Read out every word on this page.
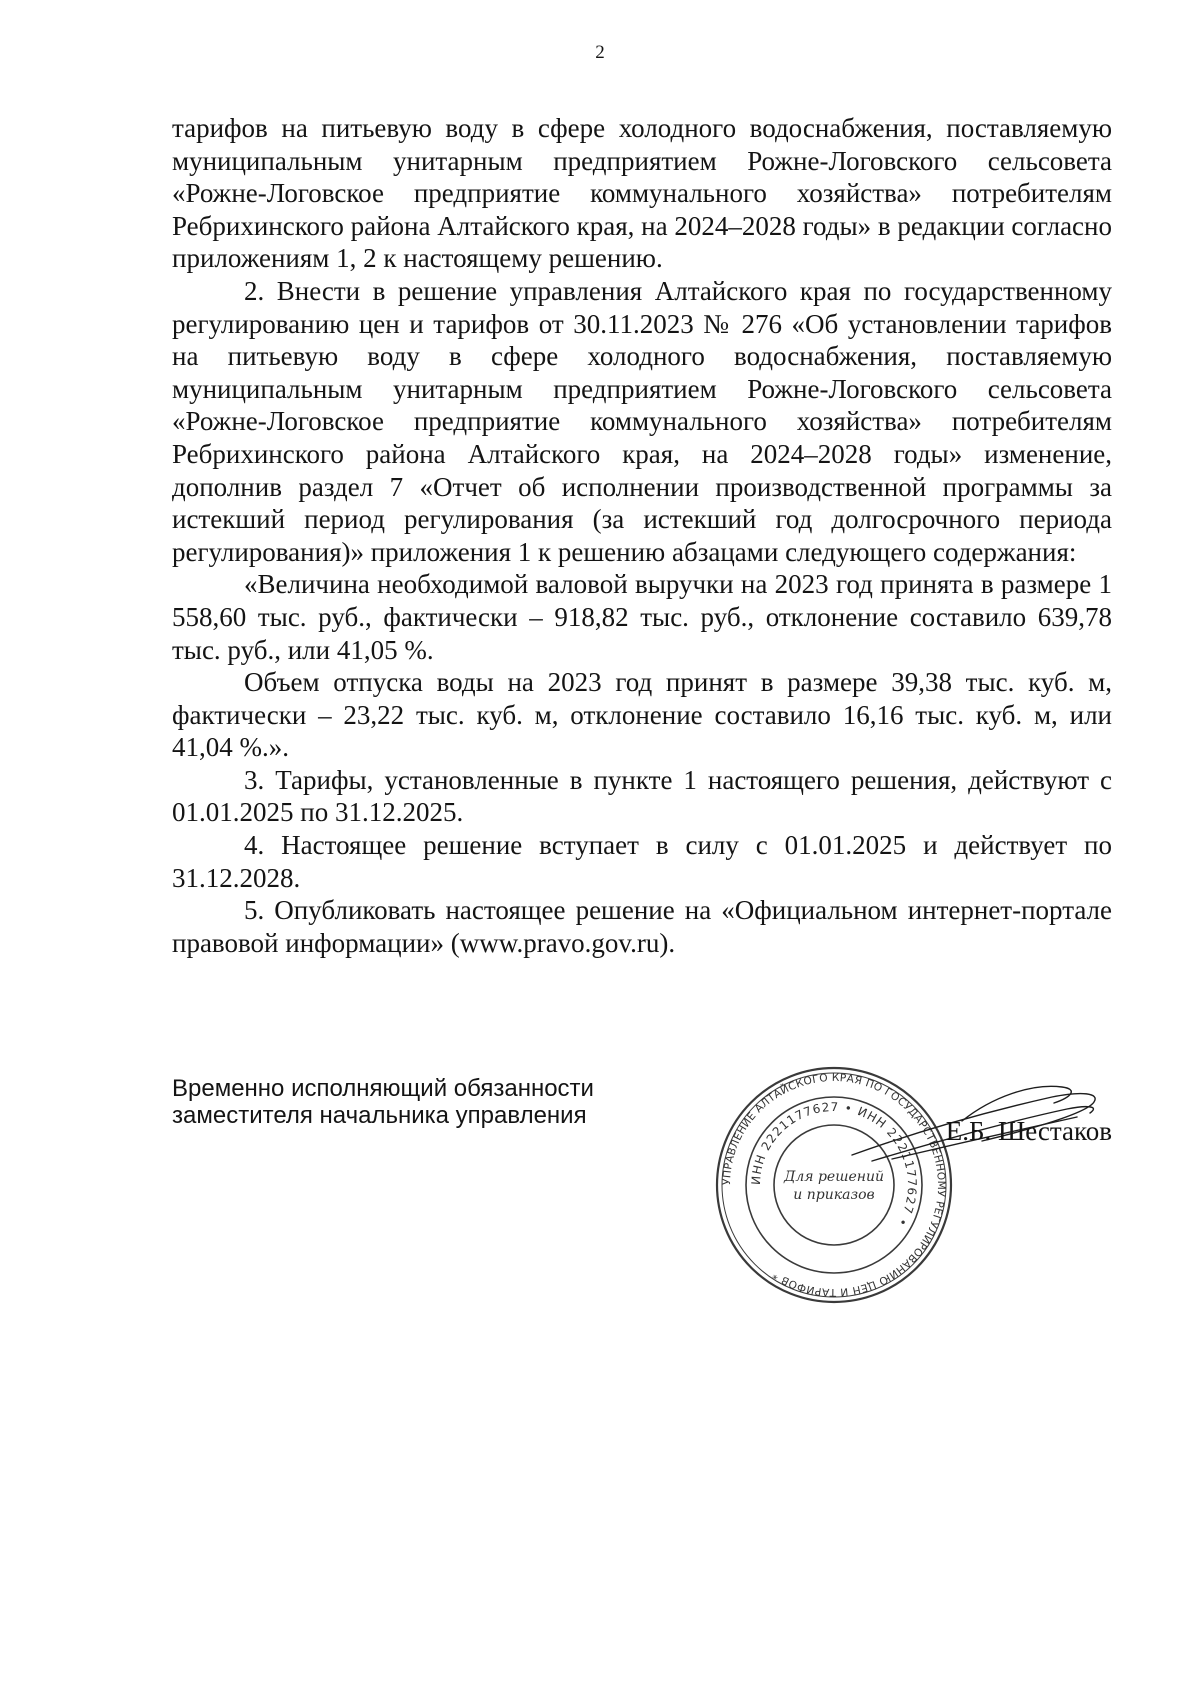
2

тарифов на питьевую воду в сфере холодного водоснабжения, поставляемую муниципальным унитарным предприятием Рожне-Логовского сельсовета «Рожне-Логовское предприятие коммунального хозяйства» потребителям Ребрихинского района Алтайского края, на 2024–2028 годы» в редакции согласно приложениям 1, 2 к настоящему решению.

2. Внести в решение управления Алтайского края по государственному регулированию цен и тарифов от 30.11.2023 № 276 «Об установлении тарифов на питьевую воду в сфере холодного водоснабжения, поставляемую муниципальным унитарным предприятием Рожне-Логовского сельсовета «Рожне-Логовское предприятие коммунального хозяйства» потребителям Ребрихинского района Алтайского края, на 2024–2028 годы» изменение, дополнив раздел 7 «Отчет об исполнении производственной программы за истекший период регулирования (за истекший год долгосрочного периода регулирования)» приложения 1 к решению абзацами следующего содержания:

«Величина необходимой валовой выручки на 2023 год принята в размере 1 558,60 тыс. руб., фактически – 918,82 тыс. руб., отклонение составило 639,78 тыс. руб., или 41,05 %.

Объем отпуска воды на 2023 год принят в размере 39,38 тыс. куб. м, фактически – 23,22 тыс. куб. м, отклонение составило 16,16 тыс. куб. м, или 41,04 %.».

3. Тарифы, установленные в пункте 1 настоящего решения, действуют с 01.01.2025 по 31.12.2025.

4. Настоящее решение вступает в силу с 01.01.2025 и действует по 31.12.2028.

5. Опубликовать настоящее решение на «Официальном интернет-портале правовой информации» (www.pravo.gov.ru).

Временно исполняющий обязанности
заместителя начальника управления
УПРАВЛЕНИЕ АЛТАЙСКОГО КРАЯ ПО ГОСУДАРСТВЕННОМУ РЕГУЛИРОВАНИЮ ЦЕН И ТАРИФОВ *
ИНН 2221177627 • ИНН 2221177627 •
Для решений
и приказов
Е.Б. Шестаков
